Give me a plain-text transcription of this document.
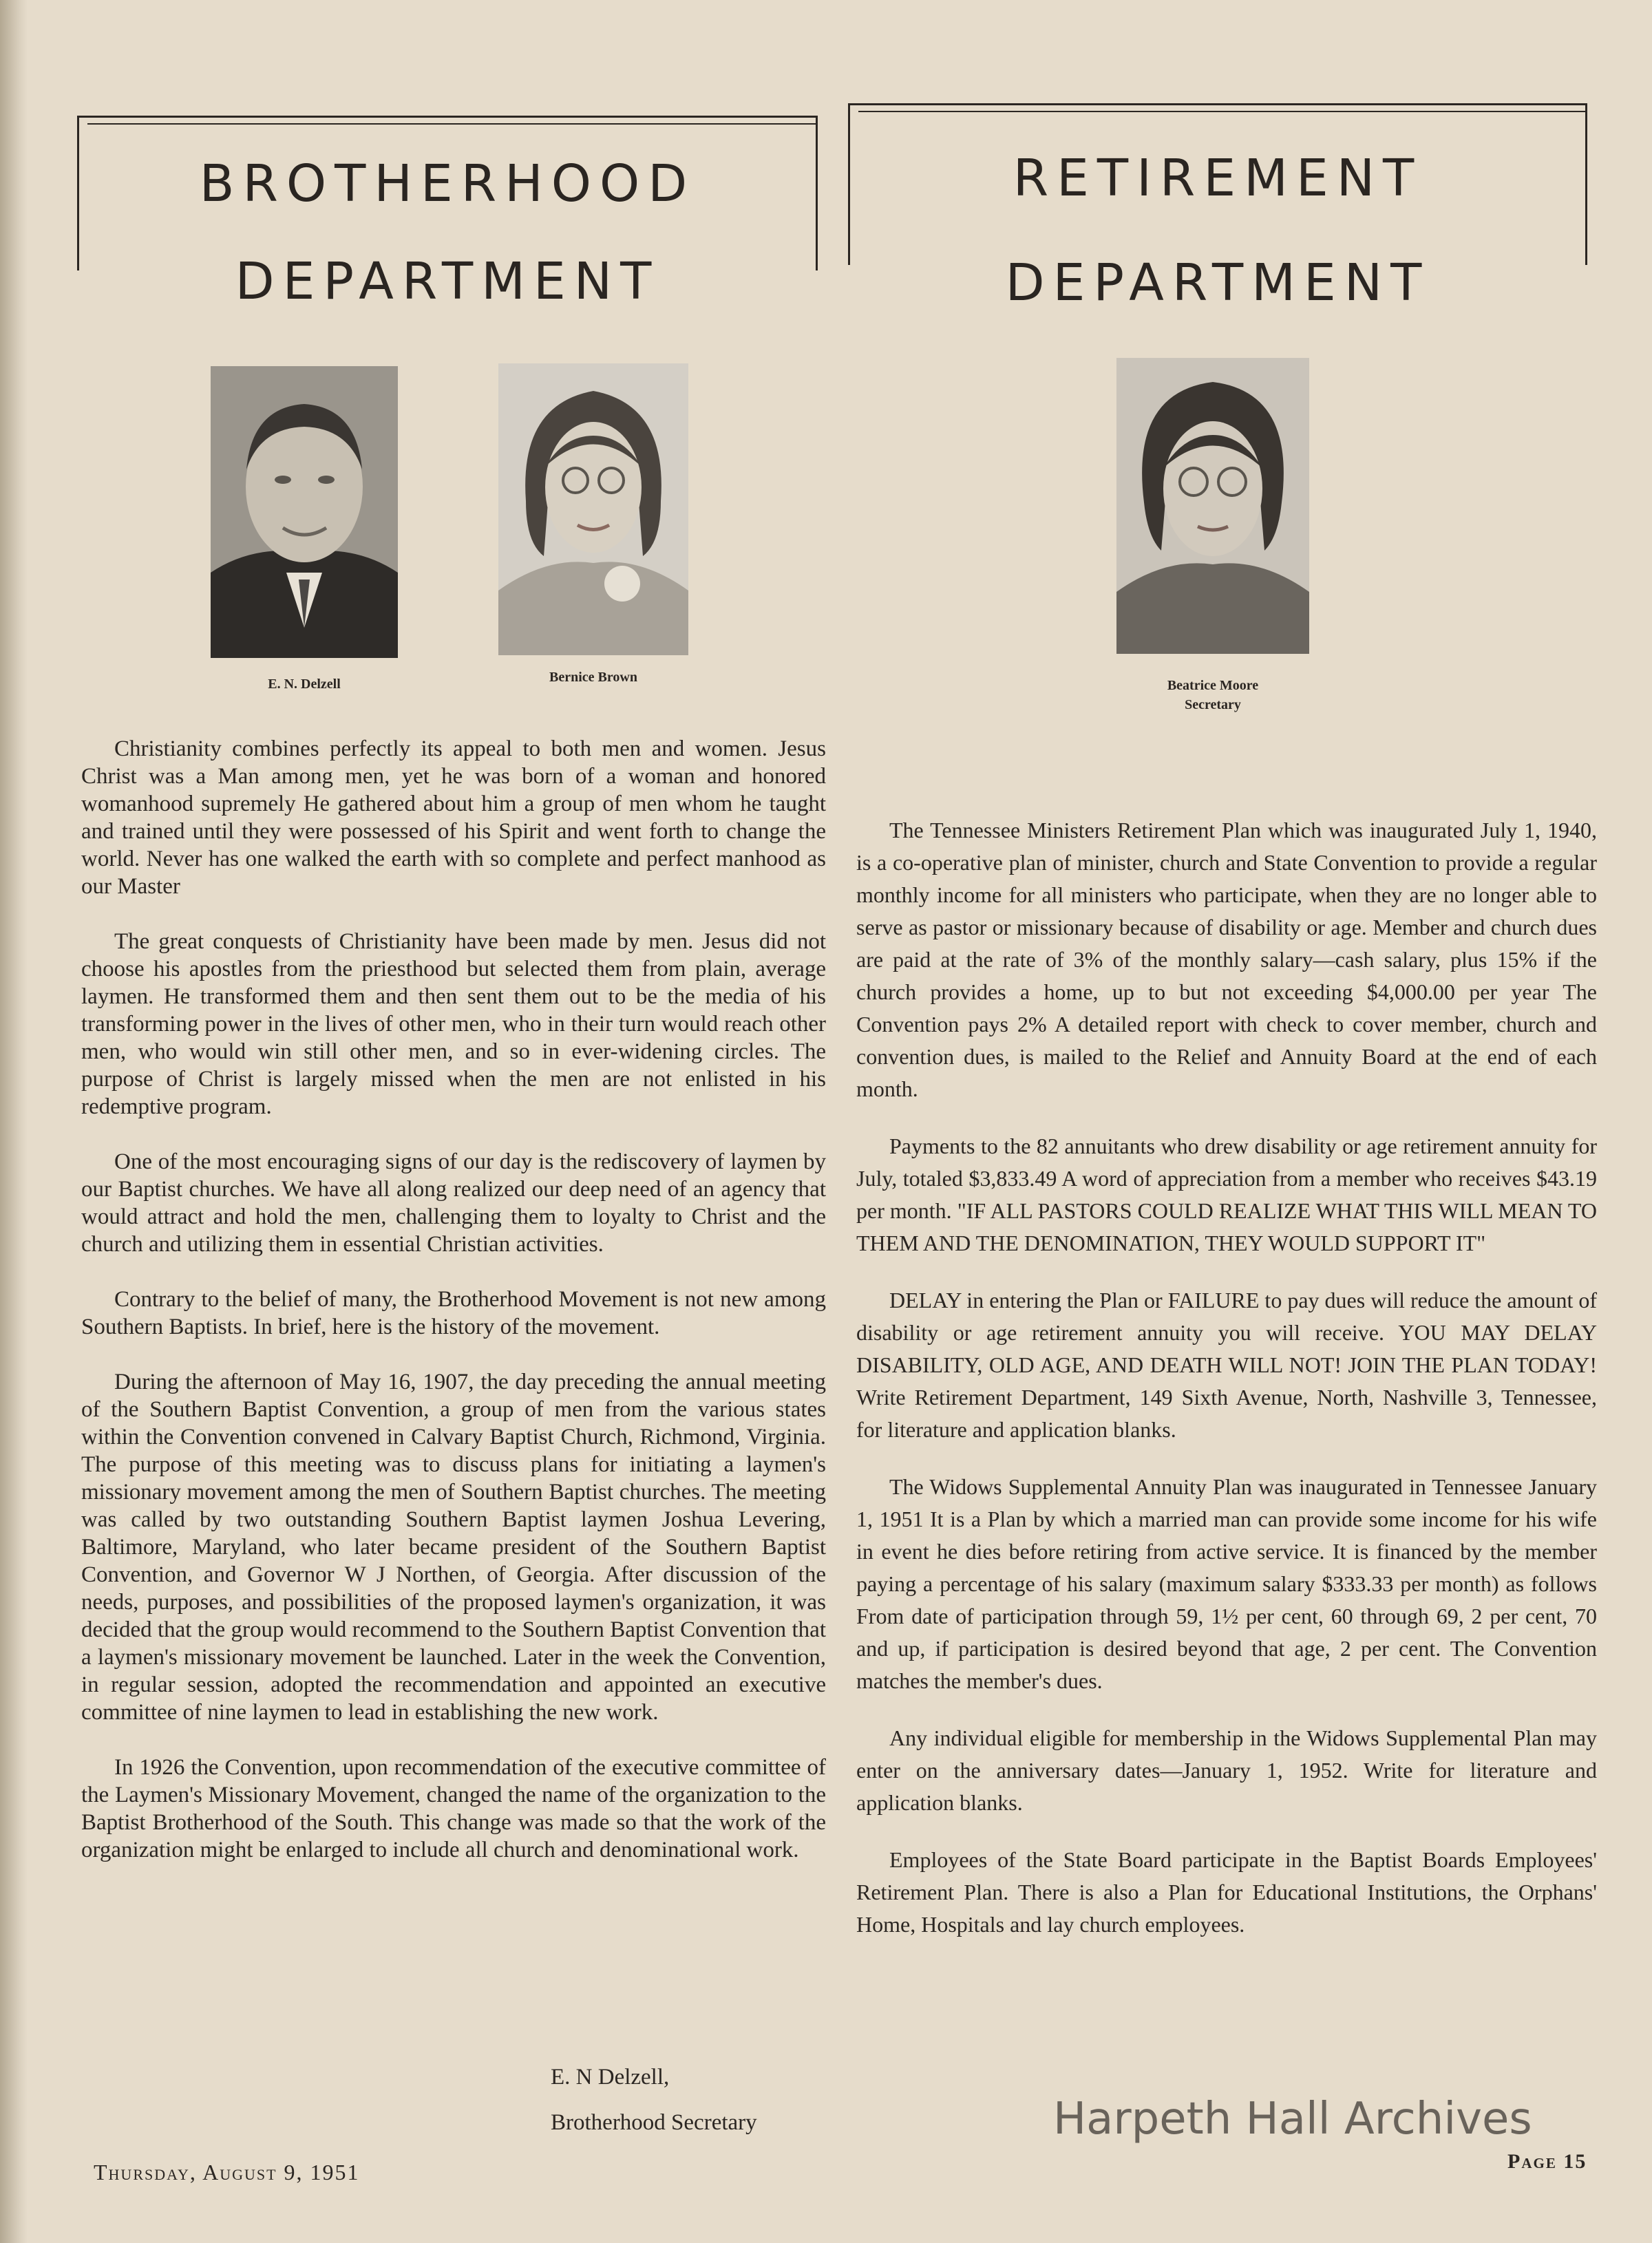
BROTHERHOOD
DEPARTMENT
RETIREMENT
DEPARTMENT
E. N. Delzell	Bernice Brown
Beatrice Moore
Secretary

Christianity combines perfectly its appeal to both men and women. Jesus Christ was a Man among men, yet he was born of a woman and honored womanhood supremely He gathered about him a group of men whom he taught and trained until they were possessed of his Spirit and went forth to change the world. Never has one walked the earth with so complete and perfect manhood as our Master

The great conquests of Christianity have been made by men. Jesus did not choose his apostles from the priesthood but selected them from plain, average laymen. He transformed them and then sent them out to be the media of his transforming power in the lives of other men, who in their turn would reach other men, who would win still other men, and so in ever-widening circles. The purpose of Christ is largely missed when the men are not enlisted in his redemptive program.

One of the most encouraging signs of our day is the rediscovery of laymen by our Baptist churches. We have all along realized our deep need of an agency that would attract and hold the men, challenging them to loyalty to Christ and the church and utilizing them in essential Christian activities.

Contrary to the belief of many, the Brotherhood Movement is not new among Southern Baptists. In brief, here is the history of the movement.

During the afternoon of May 16, 1907, the day preceding the annual meeting of the Southern Baptist Convention, a group of men from the various states within the Convention convened in Calvary Baptist Church, Richmond, Virginia. The purpose of this meeting was to discuss plans for initiating a laymen's missionary movement among the men of Southern Baptist churches. The meeting was called by two outstanding Southern Baptist laymen Joshua Levering, Baltimore, Maryland, who later became president of the Southern Baptist Convention, and Governor W J Northen, of Georgia. After discussion of the needs, purposes, and possibilities of the proposed laymen's organization, it was decided that the group would recommend to the Southern Baptist Convention that a laymen's missionary movement be launched. Later in the week the Convention, in regular session, adopted the recommendation and appointed an executive committee of nine laymen to lead in establishing the new work.

In 1926 the Convention, upon recommendation of the executive committee of the Laymen's Missionary Movement, changed the name of the organization to the Baptist Brotherhood of the South. This change was made so that the work of the organization might be enlarged to include all church and denominational work.

E. N Delzell,
Brotherhood Secretary

The Tennessee Ministers Retirement Plan which was inaugurated July 1, 1940, is a co-operative plan of minister, church and State Convention to provide a regular monthly income for all ministers who participate, when they are no longer able to serve as pastor or missionary because of disability or age. Member and church dues are paid at the rate of 3% of the monthly salary—cash salary, plus 15% if the church provides a home, up to but not exceeding $4,000.00 per year The Convention pays 2% A detailed report with check to cover member, church and convention dues, is mailed to the Relief and Annuity Board at the end of each month.

Payments to the 82 annuitants who drew disability or age retirement annuity for July, totaled $3,833.49 A word of appreciation from a member who receives $43.19 per month. "IF ALL PASTORS COULD REALIZE WHAT THIS WILL MEAN TO THEM AND THE DENOMINATION, THEY WOULD SUPPORT IT"

DELAY in entering the Plan or FAILURE to pay dues will reduce the amount of disability or age retirement annuity you will receive. YOU MAY DELAY DISABILITY, OLD AGE, AND DEATH WILL NOT! JOIN THE PLAN TODAY! Write Retirement Department, 149 Sixth Avenue, North, Nashville 3, Tennessee, for literature and application blanks.

The Widows Supplemental Annuity Plan was inaugurated in Tennessee January 1, 1951 It is a Plan by which a married man can provide some income for his wife in event he dies before retiring from active service. It is financed by the member paying a percentage of his salary (maximum salary $333.33 per month) as follows From date of participation through 59, 1½ per cent, 60 through 69, 2 per cent, 70 and up, if participation is desired beyond that age, 2 per cent. The Convention matches the member's dues.

Any individual eligible for membership in the Widows Supplemental Plan may enter on the anniversary dates—January 1, 1952. Write for literature and application blanks.

Employees of the State Board participate in the Baptist Boards Employees' Retirement Plan. There is also a Plan for Educational Institutions, the Orphans' Home, Hospitals and lay church employees.

Thursday, August 9, 1951	Page 15
Harpeth Hall Archives
